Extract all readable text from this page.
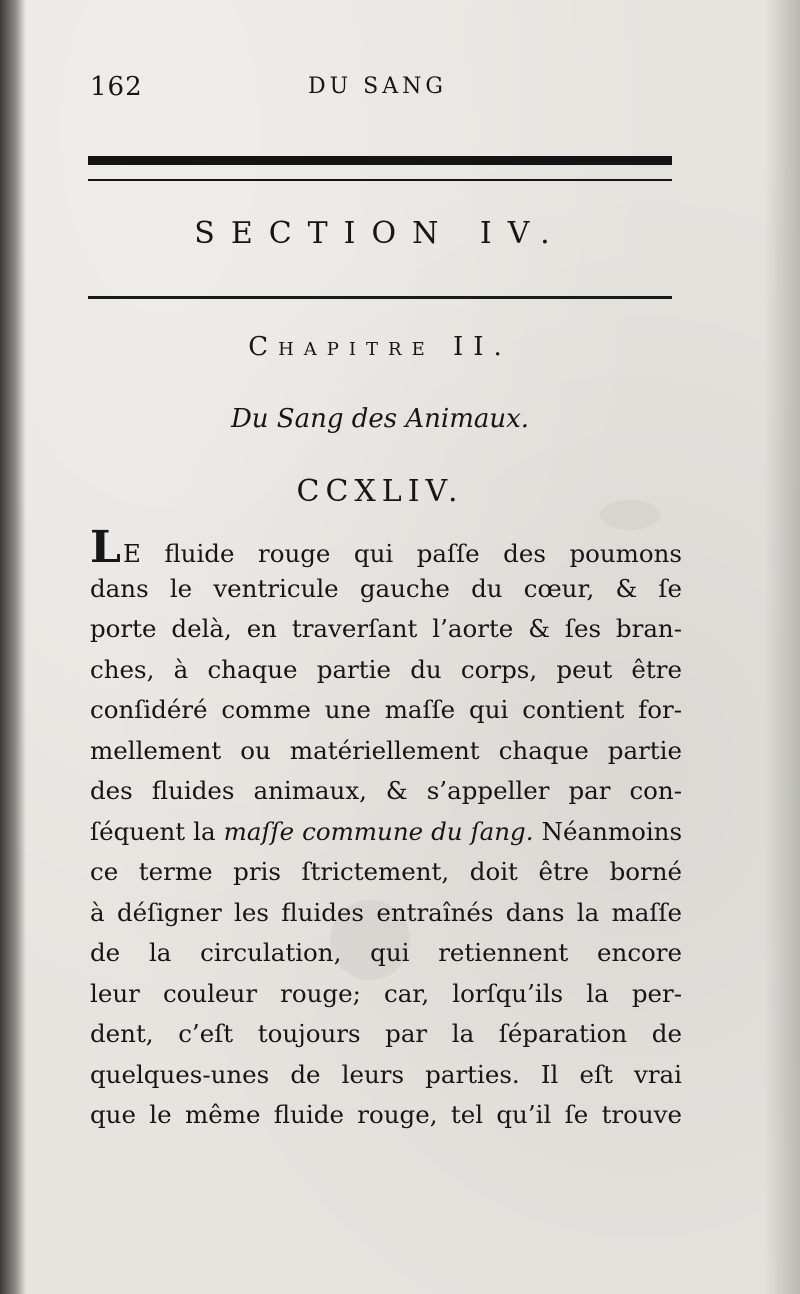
162	DU SANG
SECTION IV.
Chapitre II.
Du Sang des Animaux.
CCXLIV.
LE fluide rouge qui paſſe des poumons
dans le ventricule gauche du cœur, & ſe
porte delà, en traverſant l’aorte & ſes bran-
ches, à chaque partie du corps, peut être
conſidéré comme une maſſe qui contient for-
mellement ou matériellement chaque partie
des fluides animaux, & s’appeller par con-
ſéquent la maſſe commune du ſang. Néanmoins
ce terme pris ſtrictement, doit être borné
à déſigner les fluides entraînés dans la maſſe
de la circulation, qui retiennent encore
leur couleur rouge; car, lorſqu’ils la per-
dent, c’eſt toujours par la ſéparation de
quelques-unes de leurs parties. Il eſt vrai
que le même fluide rouge, tel qu’il ſe trouve
